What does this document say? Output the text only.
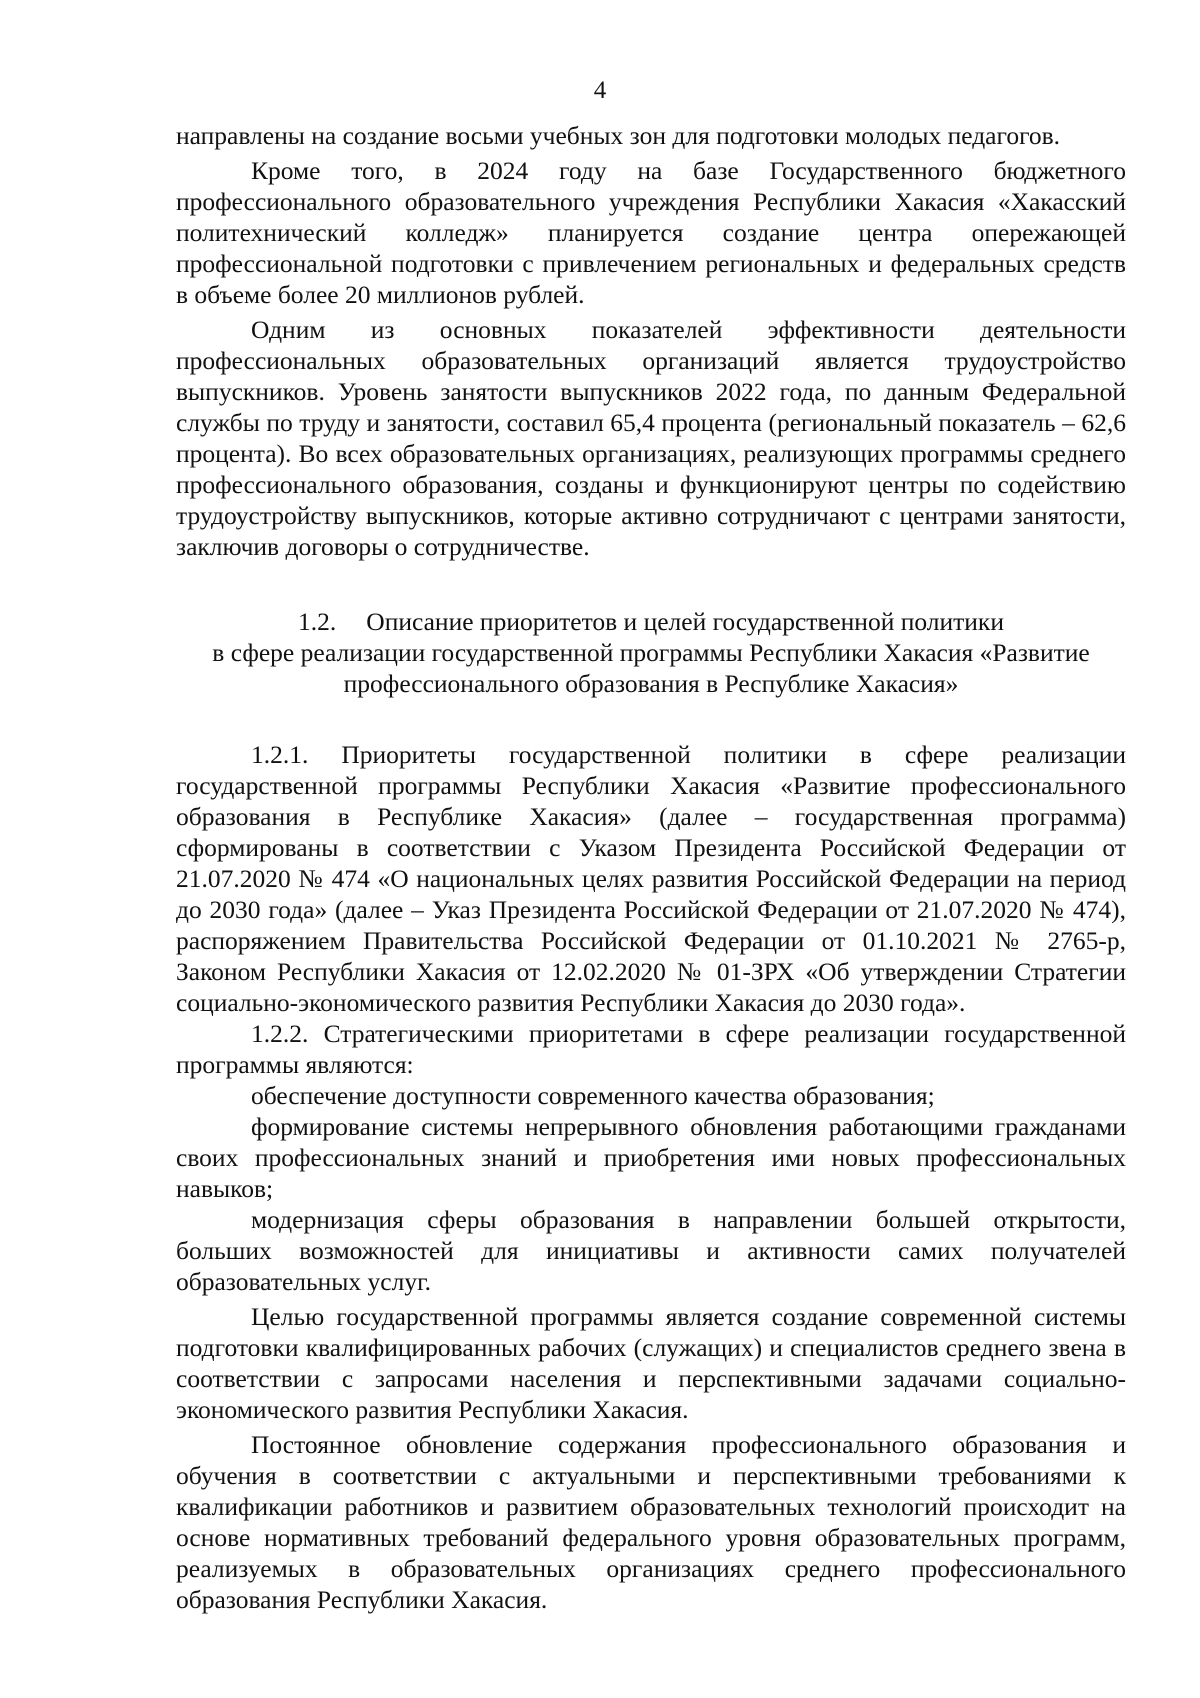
4

направлены на создание восьми учебных зон для подготовки молодых педагогов.

Кроме того, в 2024 году на базе Государственного бюджетного профессионального образовательного учреждения Республики Хакасия «Хакасский политехнический колледж» планируется создание центра опережающей профессиональной подготовки с привлечением региональных и федеральных средств в объеме более 20 миллионов рублей.

Одним из основных показателей эффективности деятельности профессиональных образовательных организаций является трудоустройство выпускников. Уровень занятости выпускников 2022 года, по данным Федеральной службы по труду и занятости, составил 65,4 процента (региональный показатель – 62,6 процента). Во всех образовательных организациях, реализующих программы среднего профессионального образования, созданы и функционируют центры по содействию трудоустройству выпускников, которые активно сотрудничают с центрами занятости, заключив договоры о сотрудничестве.

1.2. Описание приоритетов и целей государственной политики
в сфере реализации государственной программы Республики Хакасия «Развитие
профессионального образования в Республике Хакасия»

1.2.1. Приоритеты государственной политики в сфере реализации государственной программы Республики Хакасия «Развитие профессионального образования в Республике Хакасия» (далее – государственная программа) сформированы в соответствии с Указом Президента Российской Федерации от 21.07.2020 № 474 «О национальных целях развития Российской Федерации на период до 2030 года» (далее – Указ Президента Российской Федерации от 21.07.2020 № 474), распоряжением Правительства Российской Федерации от 01.10.2021 № 2765-р, Законом Республики Хакасия от 12.02.2020 № 01-ЗРХ «Об утверждении Стратегии социально-экономического развития Республики Хакасия до 2030 года».

1.2.2. Стратегическими приоритетами в сфере реализации государственной программы являются:

обеспечение доступности современного качества образования;

формирование системы непрерывного обновления работающими гражданами своих профессиональных знаний и приобретения ими новых профессиональных навыков;

модернизация сферы образования в направлении большей открытости, больших возможностей для инициативы и активности самих получателей образовательных услуг.

Целью государственной программы является создание современной системы подготовки квалифицированных рабочих (служащих) и специалистов среднего звена в соответствии с запросами населения и перспективными задачами социально-экономического развития Республики Хакасия.

Постоянное обновление содержания профессионального образования и обучения в соответствии с актуальными и перспективными требованиями к квалификации работников и развитием образовательных технологий происходит на основе нормативных требований федерального уровня образовательных программ, реализуемых в образовательных организациях среднего профессионального образования Республики Хакасия.
